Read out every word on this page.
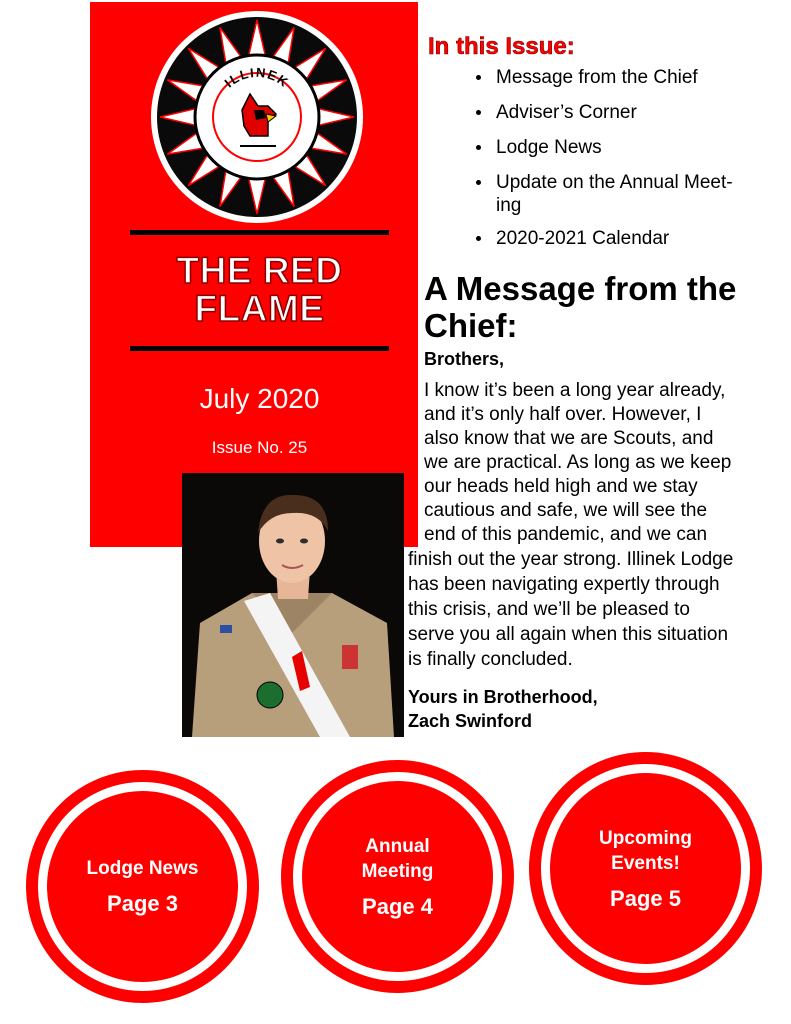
ILLINEK
THE RED
FLAME
July 2020
Issue No. 25
In this Issue:
Message from the Chief
Adviser’s Corner
Lodge News
Update on the Annual Meet-
ing
2020-2021 Calendar
A Message from the
Chief:
Brothers,
I know it’s been a long year already,
and it’s only half over. However, I
also know that we are Scouts, and
we are practical. As long as we keep
our heads held high and we stay
cautious and safe, we will see the
end of this pandemic, and we can
finish out the year strong. Illinek Lodge
has been navigating expertly through
this crisis, and we’ll be pleased to
serve you all again when this situation
is finally concluded.
Yours in Brotherhood,
Zach Swinford
Lodge News
Page 3
Annual
Meeting
Page 4
Upcoming
Events!
Page 5
